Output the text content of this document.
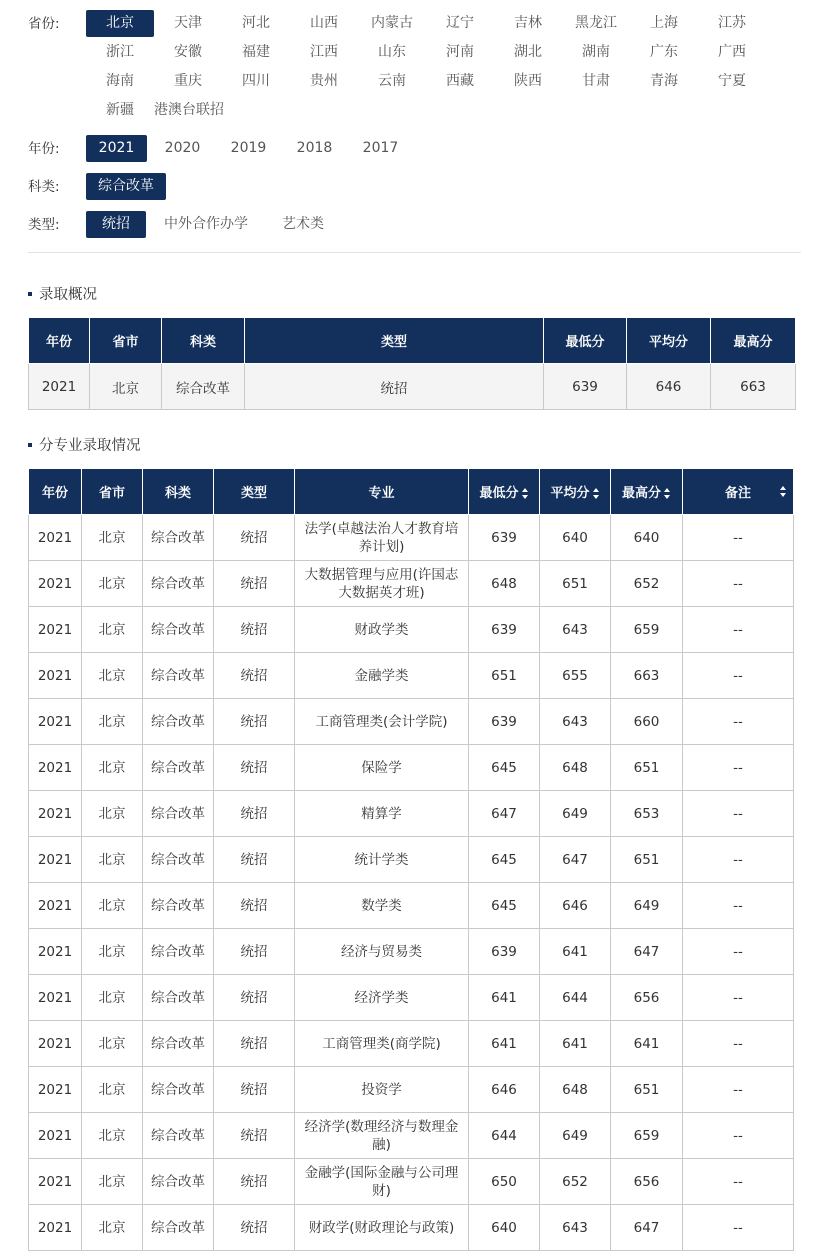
省份:	北京	天津	河北	山西	内蒙古	辽宁	吉林	黑龙江	上海	江苏
浙江	安徽	福建	江西	山东	河南	湖北	湖南	广东	广西
海南	重庆	四川	贵州	云南	西藏	陕西	甘肃	青海	宁夏
新疆	港澳台联招
年份:	2021	2020	2019	2018	2017
科类:	综合改革
类型:	统招	中外合作办学	艺术类
录取概况
年份	省市	科类	类型	最低分	平均分	最高分
2021	北京	综合改革	统招	639	646	663
分专业录取情况
年份	省市	科类	类型	专业	最低分	平均分	最高分	备注

2021	北京	综合改革	统招	法学(卓越法治人才教育培养计划)	639	640	640	--
2021	北京	综合改革	统招	大数据管理与应用(许国志大数据英才班)	648	651	652	--
2021	北京	综合改革	统招	财政学类	639	643	659	--
2021	北京	综合改革	统招	金融学类	651	655	663	--
2021	北京	综合改革	统招	工商管理类(会计学院)	639	643	660	--
2021	北京	综合改革	统招	保险学	645	648	651	--
2021	北京	综合改革	统招	精算学	647	649	653	--
2021	北京	综合改革	统招	统计学类	645	647	651	--
2021	北京	综合改革	统招	数学类	645	646	649	--
2021	北京	综合改革	统招	经济与贸易类	639	641	647	--
2021	北京	综合改革	统招	经济学类	641	644	656	--
2021	北京	综合改革	统招	工商管理类(商学院)	641	641	641	--
2021	北京	综合改革	统招	投资学	646	648	651	--
2021	北京	综合改革	统招	经济学(数理经济与数理金融)	644	649	659	--
2021	北京	综合改革	统招	金融学(国际金融与公司理财)	650	652	656	--
2021	北京	综合改革	统招	财政学(财政理论与政策)	640	643	647	--
